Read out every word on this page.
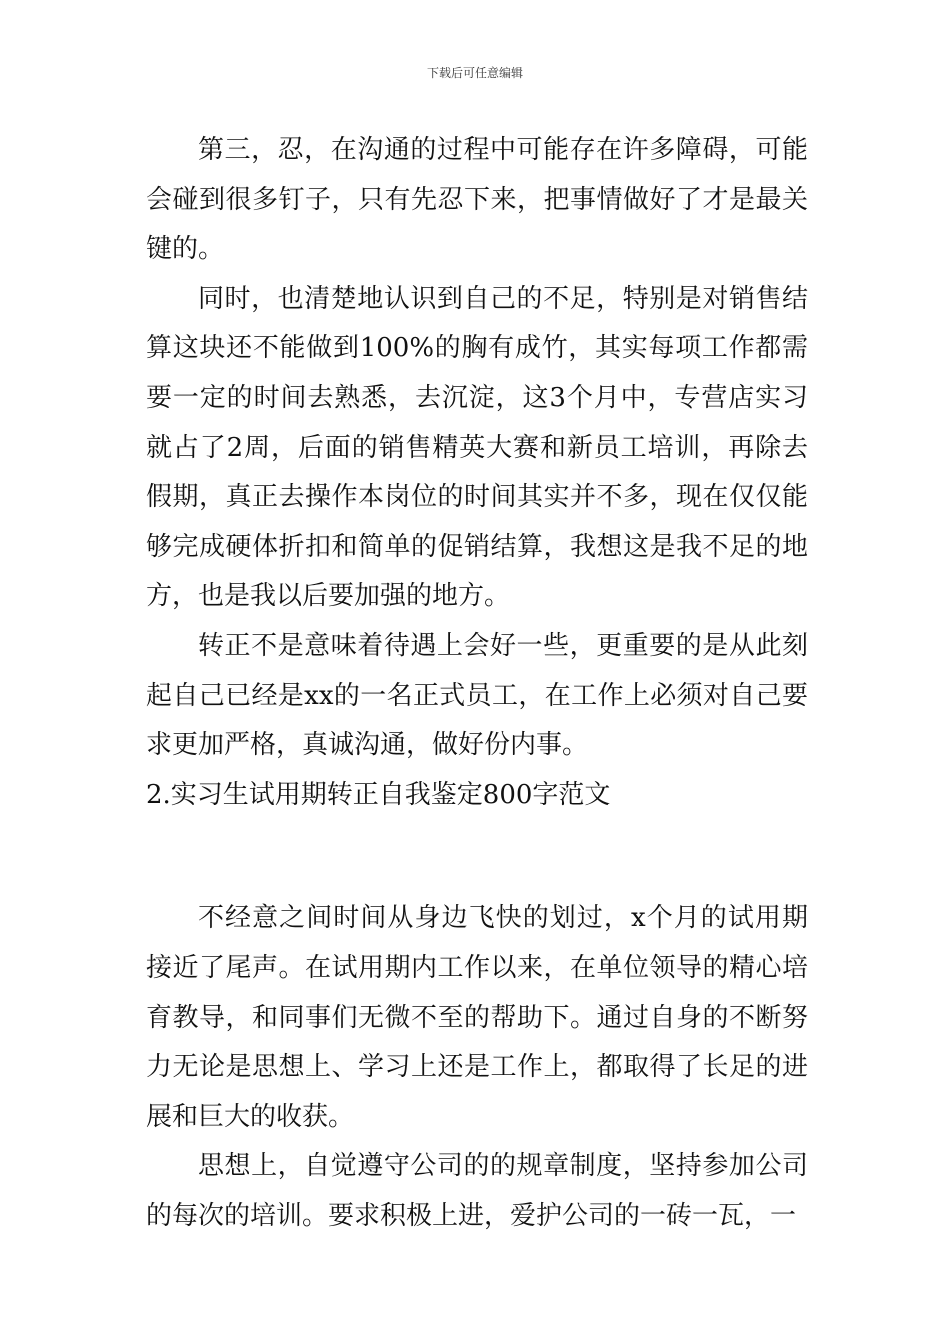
下载后可任意编辑

第三，忍，在沟通的过程中可能存在许多障碍，可能会碰到很多钉子，只有先忍下来，把事情做好了才是最关键的。

同时，也清楚地认识到自己的不足，特别是对销售结算这块还不能做到100%的胸有成竹，其实每项工作都需要一定的时间去熟悉，去沉淀，这3个月中，专营店实习就占了2周，后面的销售精英大赛和新员工培训，再除去假期，真正去操作本岗位的时间其实并不多，现在仅仅能够完成硬体折扣和简单的促销结算，我想这是我不足的地方，也是我以后要加强的地方。

转正不是意味着待遇上会好一些，更重要的是从此刻起自己已经是xx的一名正式员工，在工作上必须对自己要求更加严格，真诚沟通，做好份内事。

2.实习生试用期转正自我鉴定800字范文

不经意之间时间从身边飞快的划过，x个月的试用期接近了尾声。在试用期内工作以来，在单位领导的精心培育教导，和同事们无微不至的帮助下。通过自身的不断努力无论是思想上、学习上还是工作上，都取得了长足的进展和巨大的收获。

思想上，自觉遵守公司的的规章制度，坚持参加公司的每次的培训。要求积极上进，爱护公司的一砖一瓦，一
